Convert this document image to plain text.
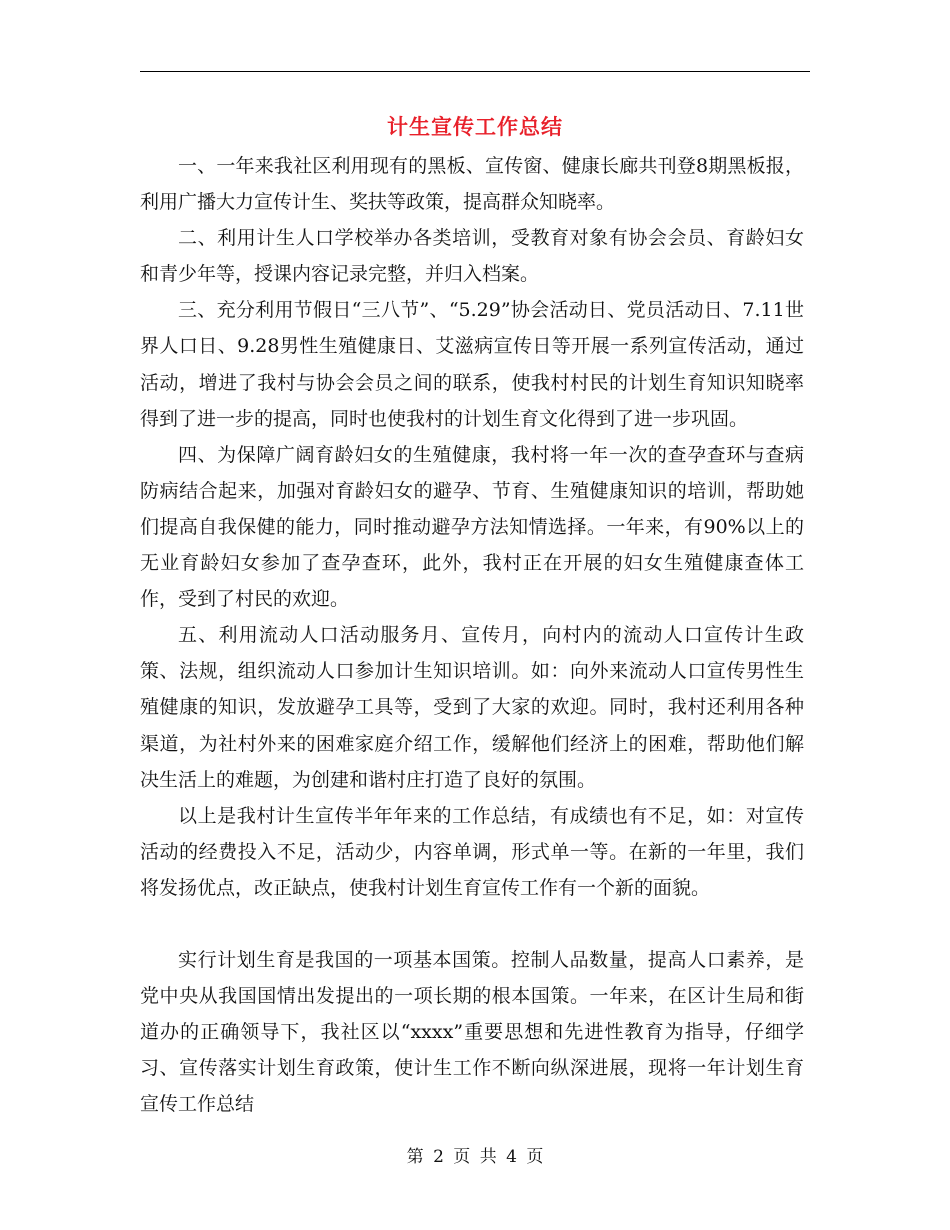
计生宣传工作总结

一、一年来我社区利用现有的黑板、宣传窗、健康长廊共刊登8期黑板报，利用广播大力宣传计生、奖扶等政策，提高群众知晓率。

二、利用计生人口学校举办各类培训，受教育对象有协会会员、育龄妇女和青少年等，授课内容记录完整，并归入档案。

三、充分利用节假日“三八节”、“5.29”协会活动日、党员活动日、7.11世界人口日、9.28男性生殖健康日、艾滋病宣传日等开展一系列宣传活动，通过活动，增进了我村与协会会员之间的联系，使我村村民的计划生育知识知晓率得到了进一步的提高，同时也使我村的计划生育文化得到了进一步巩固。

四、为保障广阔育龄妇女的生殖健康，我村将一年一次的查孕查环与查病防病结合起来，加强对育龄妇女的避孕、节育、生殖健康知识的培训，帮助她们提高自我保健的能力，同时推动避孕方法知情选择。一年来，有90%以上的无业育龄妇女参加了查孕查环，此外，我村正在开展的妇女生殖健康查体工作，受到了村民的欢迎。

五、利用流动人口活动服务月、宣传月，向村内的流动人口宣传计生政策、法规，组织流动人口参加计生知识培训。如：向外来流动人口宣传男性生殖健康的知识，发放避孕工具等，受到了大家的欢迎。同时，我村还利用各种渠道，为社村外来的困难家庭介绍工作，缓解他们经济上的困难，帮助他们解决生活上的难题，为创建和谐村庄打造了良好的氛围。

以上是我村计生宣传半年年来的工作总结，有成绩也有不足，如：对宣传活动的经费投入不足，活动少，内容单调，形式单一等。在新的一年里，我们将发扬优点，改正缺点，使我村计划生育宣传工作有一个新的面貌。

实行计划生育是我国的一项基本国策。控制人品数量，提高人口素养，是党中央从我国国情出发提出的一项长期的根本国策。一年来，在区计生局和街道办的正确领导下，我社区以“xxxx”重要思想和先进性教育为指导，仔细学习、宣传落实计划生育政策，使计生工作不断向纵深进展，现将一年计划生育宣传工作总结

第 2 页 共 4 页
